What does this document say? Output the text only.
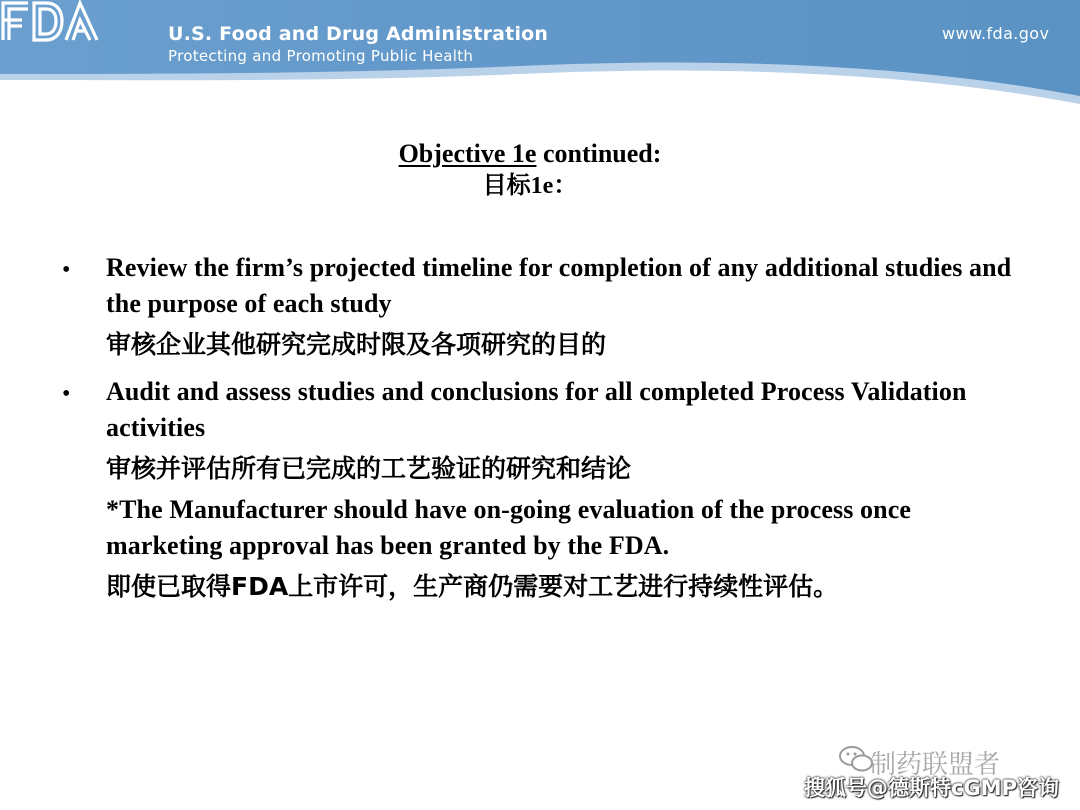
U.S. Food and Drug Administration
Protecting and Promoting Public Health
www.fda.gov
Objective 1e continued:
目标1e：
• Review the firm’s projected timeline for completion of any additional studies and the purpose of each study
审核企业其他研究完成时限及各项研究的目的
• Audit and assess studies and conclusions for all completed Process Validation activities
审核并评估所有已完成的工艺验证的研究和结论
*The Manufacturer should have on-going evaluation of the process once marketing approval has been granted by the FDA.
即使已取得FDA上市许可，生产商仍需要对工艺进行持续性评估。
制药联盟者
搜狐号@德斯特cGMP咨询
